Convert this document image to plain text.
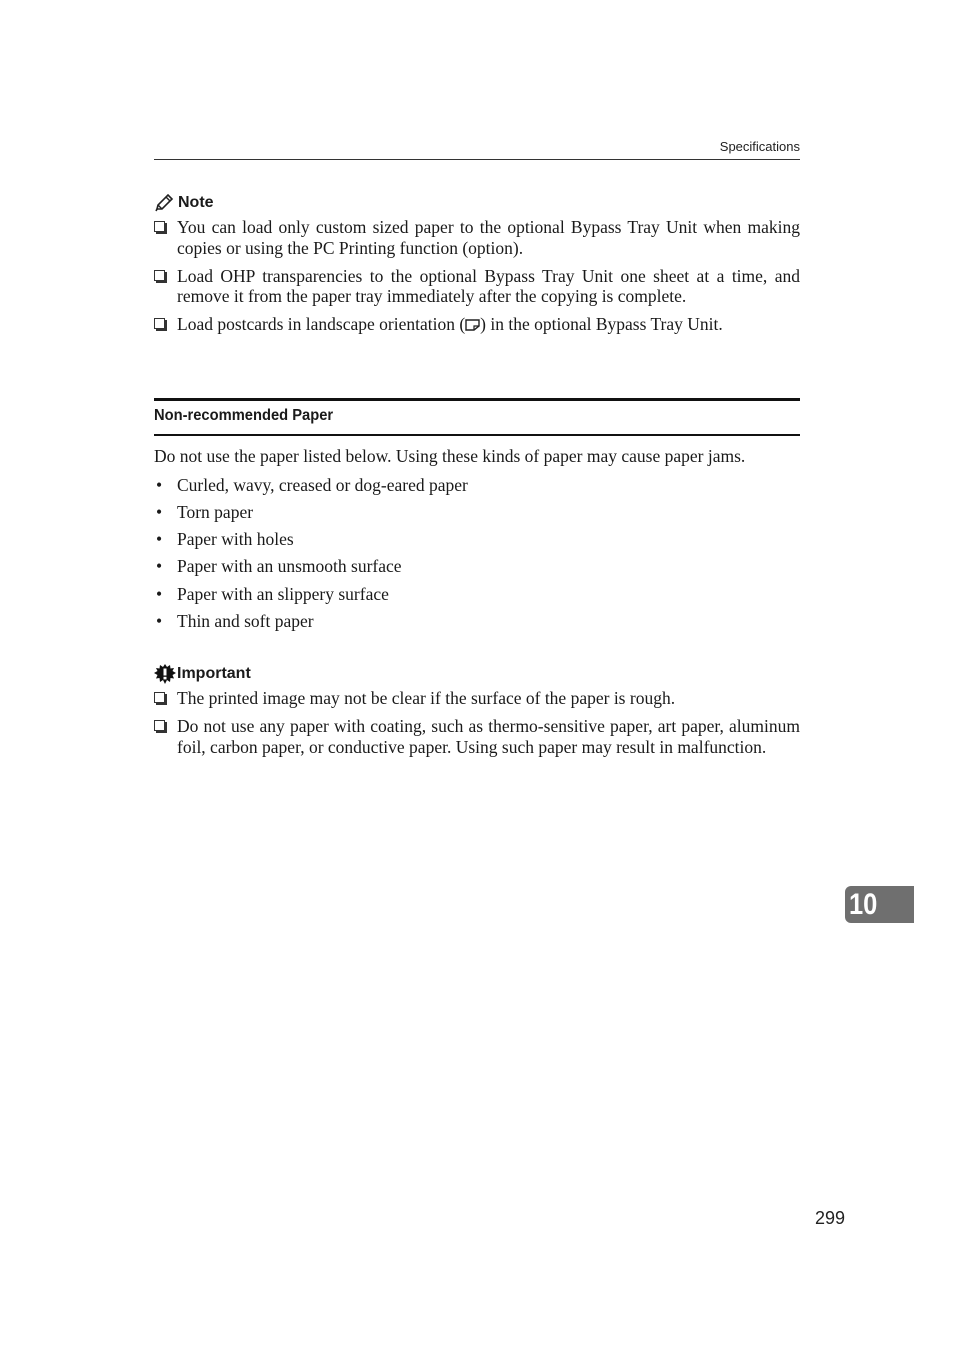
Specifications
Note
You can load only custom sized paper to the optional Bypass Tray Unit when making copies or using the PC Printing function (option).
Load OHP transparencies to the optional Bypass Tray Unit one sheet at a time, and remove it from the paper tray immediately after the copying is complete.
Load postcards in landscape orientation ( ) in the optional Bypass Tray Unit.
Non-recommended Paper

Do not use the paper listed below. Using these kinds of paper may cause paper jams.

• Curled, wavy, creased or dog-eared paper
• Torn paper
• Paper with holes
• Paper with an unsmooth surface
• Paper with an slippery surface
• Thin and soft paper
Important
The printed image may not be clear if the surface of the paper is rough.
Do not use any paper with coating, such as thermo-sensitive paper, art paper, aluminum foil, carbon paper, or conductive paper. Using such paper may result in malfunction.
10
299
